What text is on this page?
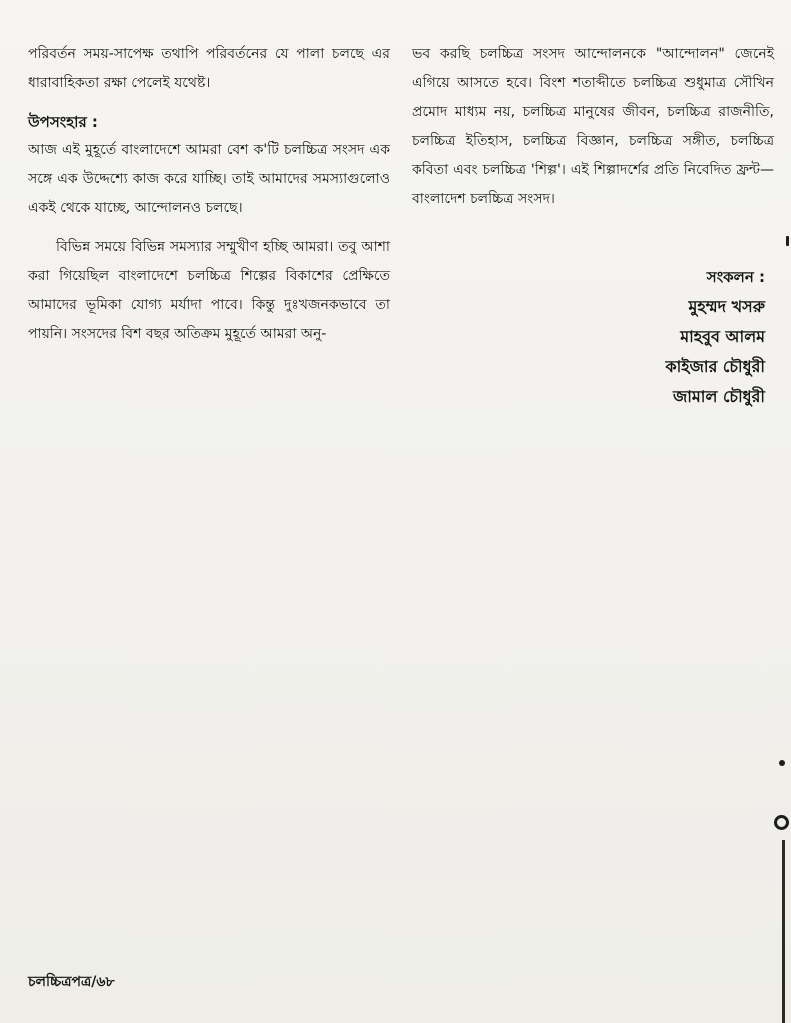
পরিবর্তন সময়-সাপেক্ষ তথাপি পরিবর্তনের যে পালা চলছে এর ধারাবাহিকতা রক্ষা পেলেই যথেষ্ট।

উপসংহার :

আজ এই মুহূর্তে বাংলাদেশে আমরা বেশ ক'টি চলচ্চিত্র সংসদ এক সঙ্গে এক উদ্দেশ্যে কাজ করে যাচ্ছি। তাই আমাদের সমস্যাগুলোও একই থেকে যাচ্ছে, আন্দোলনও চলছে।

বিভিন্ন সময়ে বিভিন্ন সমস্যার সম্মুখীণ হচ্ছি আমরা। তবু আশা করা গিয়েছিল বাংলাদেশে চলচ্চিত্র শিল্পের বিকাশের প্রেক্ষিতে আমাদের ভূমিকা যোগ্য মর্যাদা পাবে। কিন্তু দুঃখজনকভাবে তা পায়নি। সংসদের বিশ বছর অতিক্রম মুহূর্তে আমরা অনু-

ভব করছি চলচ্চিত্র সংসদ আন্দোলনকে "আন্দোলন" জেনেই এগিয়ে আসতে হবে। বিংশ শতাব্দীতে চলচ্চিত্র শুধুমাত্র সৌখিন প্রমোদ মাধ্যম নয়, চলচ্চিত্র মানুষের জীবন, চলচ্চিত্র রাজনীতি, চলচ্চিত্র ইতিহাস, চলচ্চিত্র বিজ্ঞান, চলচ্চিত্র সঙ্গীত, চলচ্চিত্র কবিতা এবং চলচ্চিত্র 'শিল্প'। এই শিল্পাদর্শের প্রতি নিবেদিত ফ্রন্ট—বাংলাদেশ চলচ্চিত্র সংসদ।

সংকলন :
মুহম্মদ খসরু
মাহবুব আলম
কাইজার চৌধুরী
জামাল চৌধুরী
চলচ্চিত্রপত্র/৬৮
